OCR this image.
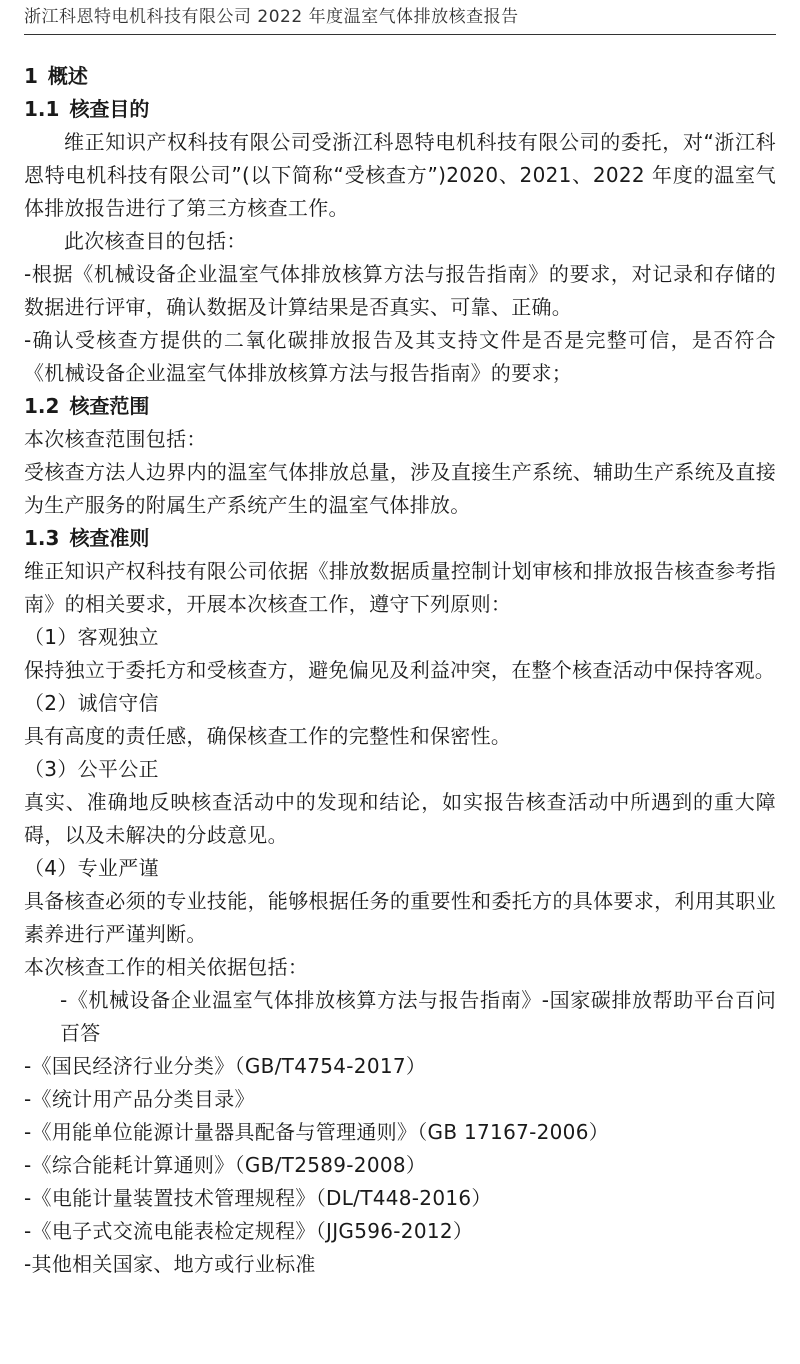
浙江科恩特电机科技有限公司 2022 年度温室气体排放核查报告
1 概述
1.1 核查目的
维正知识产权科技有限公司受浙江科恩特电机科技有限公司的委托，对“浙江科恩特电机科技有限公司”(以下简称“受核查方”)2020、2021、2022 年度的温室气体排放报告进行了第三方核查工作。
此次核查目的包括：
-根据《机械设备企业温室气体排放核算方法与报告指南》的要求，对记录和存储的数据进行评审，确认数据及计算结果是否真实、可靠、正确。
-确认受核查方提供的二氧化碳排放报告及其支持文件是否是完整可信，是否符合《机械设备企业温室气体排放核算方法与报告指南》的要求；
1.2 核查范围
本次核查范围包括：
受核查方法人边界内的温室气体排放总量，涉及直接生产系统、辅助生产系统及直接为生产服务的附属生产系统产生的温室气体排放。
1.3 核查准则
维正知识产权科技有限公司依据《排放数据质量控制计划审核和排放报告核查参考指南》的相关要求，开展本次核查工作，遵守下列原则：
（1）客观独立
保持独立于委托方和受核查方，避免偏见及利益冲突，在整个核查活动中保持客观。
（2）诚信守信
具有高度的责任感，确保核查工作的完整性和保密性。
（3）公平公正
真实、准确地反映核查活动中的发现和结论，如实报告核查活动中所遇到的重大障碍，以及未解决的分歧意见。
（4）专业严谨
具备核查必须的专业技能，能够根据任务的重要性和委托方的具体要求，利用其职业素养进行严谨判断。
本次核查工作的相关依据包括：
-《机械设备企业温室气体排放核算方法与报告指南》-国家碳排放帮助平台百问百答
-《国民经济行业分类》（GB/T4754-2017）
-《统计用产品分类目录》
-《用能单位能源计量器具配备与管理通则》（GB 17167-2006）
-《综合能耗计算通则》（GB/T2589-2008）
-《电能计量装置技术管理规程》（DL/T448-2016）
-《电子式交流电能表检定规程》（JJG596-2012）
-其他相关国家、地方或行业标准
